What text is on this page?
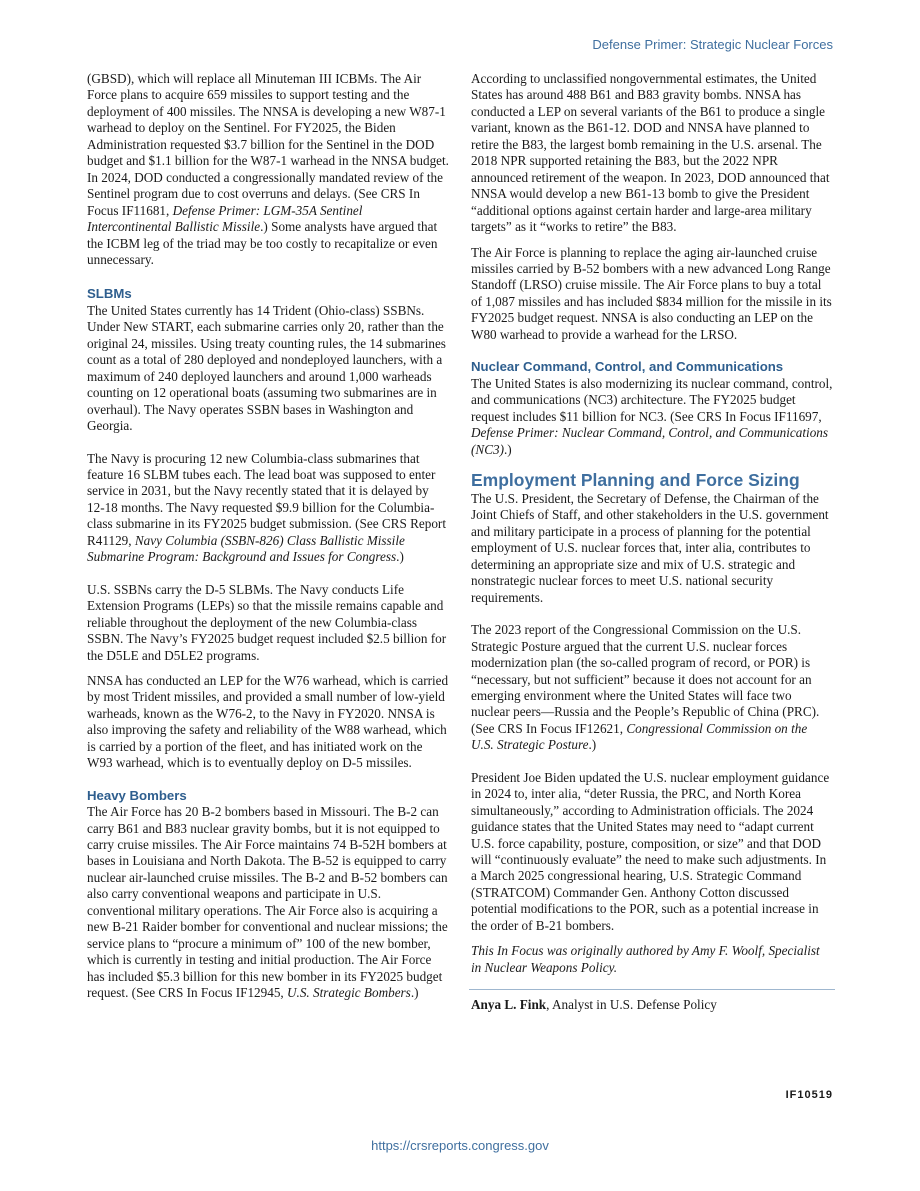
Defense Primer: Strategic Nuclear Forces

(GBSD), which will replace all Minuteman III ICBMs. The Air Force plans to acquire 659 missiles to support testing and the deployment of 400 missiles. The NNSA is developing a new W87-1 warhead to deploy on the Sentinel. For FY2025, the Biden Administration requested $3.7 billion for the Sentinel in the DOD budget and $1.1 billion for the W87-1 warhead in the NNSA budget. In 2024, DOD conducted a congressionally mandated review of the Sentinel program due to cost overruns and delays. (See CRS In Focus IF11681, Defense Primer: LGM-35A Sentinel Intercontinental Ballistic Missile.) Some analysts have argued that the ICBM leg of the triad may be too costly to recapitalize or even unnecessary.

SLBMs

The United States currently has 14 Trident (Ohio-class) SSBNs. Under New START, each submarine carries only 20, rather than the original 24, missiles. Using treaty counting rules, the 14 submarines count as a total of 280 deployed and nondeployed launchers, with a maximum of 240 deployed launchers and around 1,000 warheads counting on 12 operational boats (assuming two submarines are in overhaul). The Navy operates SSBN bases in Washington and Georgia.

The Navy is procuring 12 new Columbia-class submarines that feature 16 SLBM tubes each. The lead boat was supposed to enter service in 2031, but the Navy recently stated that it is delayed by 12-18 months. The Navy requested $9.9 billion for the Columbia-class submarine in its FY2025 budget submission. (See CRS Report R41129, Navy Columbia (SSBN-826) Class Ballistic Missile Submarine Program: Background and Issues for Congress.)

U.S. SSBNs carry the D-5 SLBMs. The Navy conducts Life Extension Programs (LEPs) so that the missile remains capable and reliable throughout the deployment of the new Columbia-class SSBN. The Navy’s FY2025 budget request included $2.5 billion for the D5LE and D5LE2 programs.

NNSA has conducted an LEP for the W76 warhead, which is carried by most Trident missiles, and provided a small number of low-yield warheads, known as the W76-2, to the Navy in FY2020. NNSA is also improving the safety and reliability of the W88 warhead, which is carried by a portion of the fleet, and has initiated work on the W93 warhead, which is to eventually deploy on D-5 missiles.

Heavy Bombers

The Air Force has 20 B-2 bombers based in Missouri. The B-2 can carry B61 and B83 nuclear gravity bombs, but it is not equipped to carry cruise missiles. The Air Force maintains 74 B-52H bombers at bases in Louisiana and North Dakota. The B-52 is equipped to carry nuclear air-launched cruise missiles. The B-2 and B-52 bombers can also carry conventional weapons and participate in U.S. conventional military operations. The Air Force also is acquiring a new B-21 Raider bomber for conventional and nuclear missions; the service plans to “procure a minimum of” 100 of the new bomber, which is currently in testing and initial production. The Air Force has included $5.3 billion for this new bomber in its FY2025 budget request. (See CRS In Focus IF12945, U.S. Strategic Bombers.)

According to unclassified nongovernmental estimates, the United States has around 488 B61 and B83 gravity bombs. NNSA has conducted a LEP on several variants of the B61 to produce a single variant, known as the B61-12. DOD and NNSA have planned to retire the B83, the largest bomb remaining in the U.S. arsenal. The 2018 NPR supported retaining the B83, but the 2022 NPR announced retirement of the weapon. In 2023, DOD announced that NNSA would develop a new B61-13 bomb to give the President “additional options against certain harder and large-area military targets” as it “works to retire” the B83.

The Air Force is planning to replace the aging air-launched cruise missiles carried by B-52 bombers with a new advanced Long Range Standoff (LRSO) cruise missile. The Air Force plans to buy a total of 1,087 missiles and has included $834 million for the missile in its FY2025 budget request. NNSA is also conducting an LEP on the W80 warhead to provide a warhead for the LRSO.

Nuclear Command, Control, and Communications

The United States is also modernizing its nuclear command, control, and communications (NC3) architecture. The FY2025 budget request includes $11 billion for NC3. (See CRS In Focus IF11697, Defense Primer: Nuclear Command, Control, and Communications (NC3).)

Employment Planning and Force Sizing

The U.S. President, the Secretary of Defense, the Chairman of the Joint Chiefs of Staff, and other stakeholders in the U.S. government and military participate in a process of planning for the potential employment of U.S. nuclear forces that, inter alia, contributes to determining an appropriate size and mix of U.S. strategic and nonstrategic nuclear forces to meet U.S. national security requirements.

The 2023 report of the Congressional Commission on the U.S. Strategic Posture argued that the current U.S. nuclear forces modernization plan (the so-called program of record, or POR) is “necessary, but not sufficient” because it does not account for an emerging environment where the United States will face two nuclear peers—Russia and the People’s Republic of China (PRC). (See CRS In Focus IF12621, Congressional Commission on the U.S. Strategic Posture.)

President Joe Biden updated the U.S. nuclear employment guidance in 2024 to, inter alia, “deter Russia, the PRC, and North Korea simultaneously,” according to Administration officials. The 2024 guidance states that the United States may need to “adapt current U.S. force capability, posture, composition, or size” and that DOD will “continuously evaluate” the need to make such adjustments. In a March 2025 congressional hearing, U.S. Strategic Command (STRATCOM) Commander Gen. Anthony Cotton discussed potential modifications to the POR, such as a potential increase in the order of B-21 bombers.

This In Focus was originally authored by Amy F. Woolf, Specialist in Nuclear Weapons Policy.

Anya L. Fink, Analyst in U.S. Defense Policy

IF10519
https://crsreports.congress.gov
